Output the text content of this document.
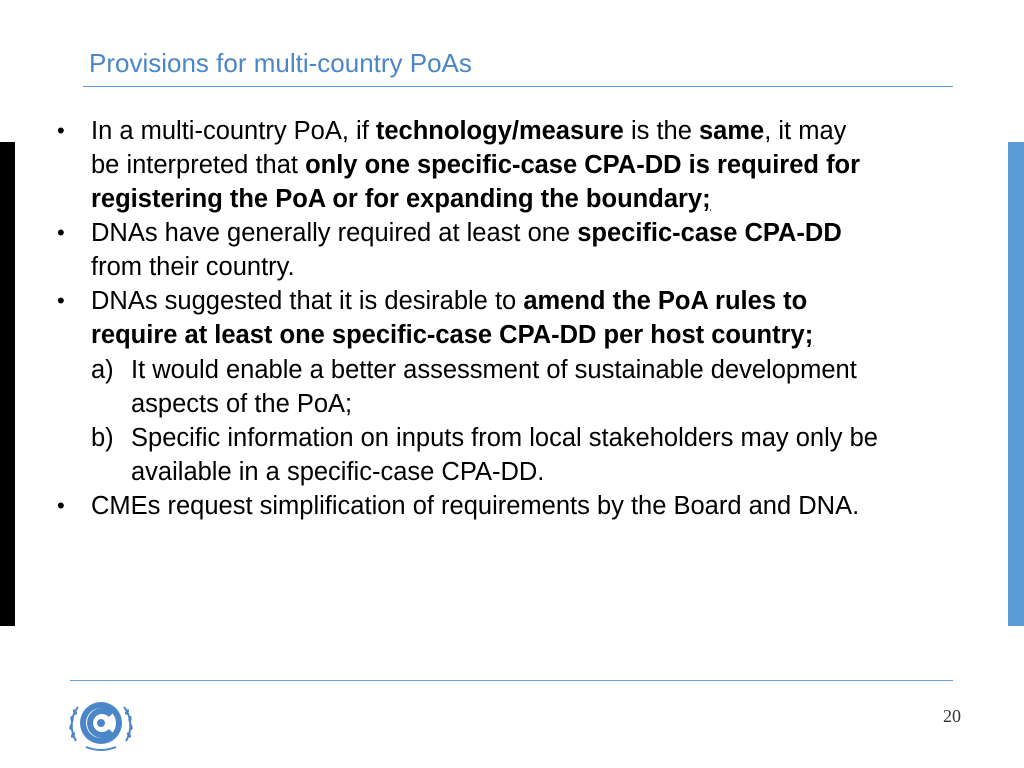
Provisions for multi-country PoAs
• In a multi-country PoA, if technology/measure is the same, it may
be interpreted that only one specific-case CPA-DD is required for
registering the PoA or for expanding the boundary;
• DNAs have generally required at least one specific-case CPA-DD
from their country.
• DNAs suggested that it is desirable to amend the PoA rules to
require at least one specific-case CPA-DD per host country;
a) It would enable a better assessment of sustainable development
aspects of the PoA;
b) Specific information on inputs from local stakeholders may only be
available in a specific-case CPA-DD.
• CMEs request simplification of requirements by the Board and DNA.
20
